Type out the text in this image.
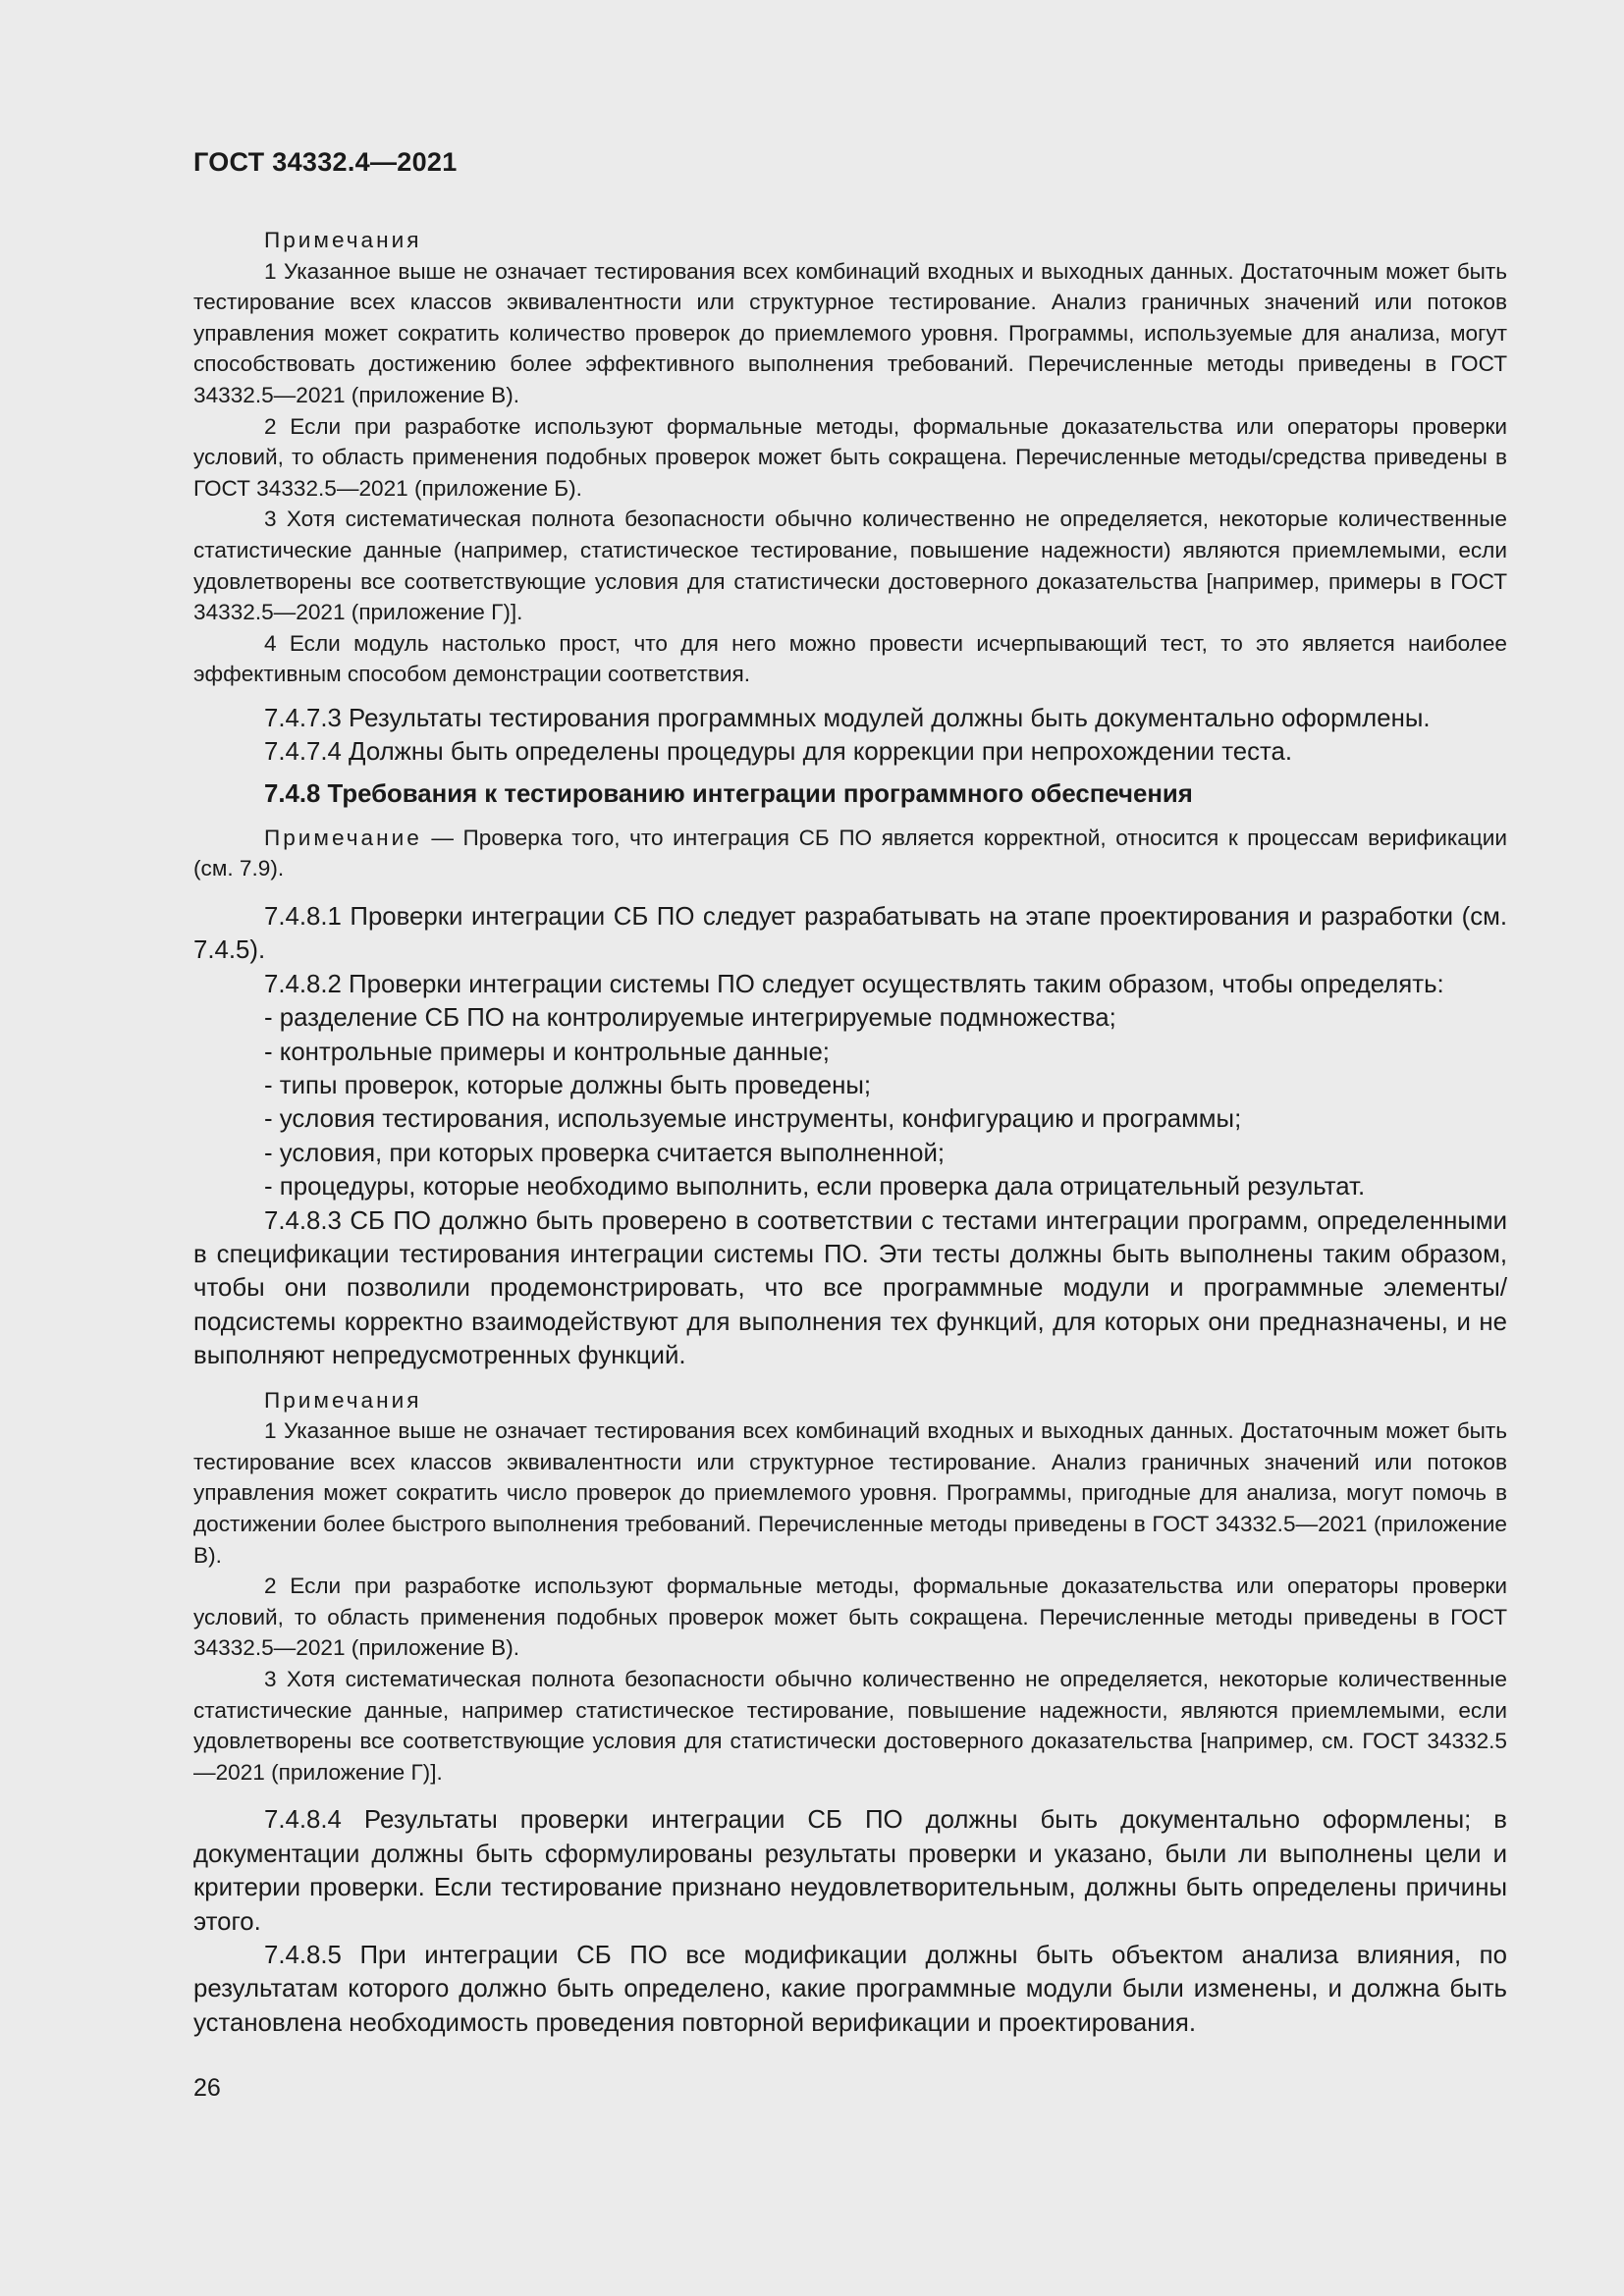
ГОСТ 34332.4—2021
Примечания
1 Указанное выше не означает тестирования всех комбинаций входных и выходных данных. Достаточным может быть тестирование всех классов эквивалентности или структурное тестирование. Анализ граничных значений или потоков управления может сократить количество проверок до приемлемого уровня. Программы, используемые для анализа, могут способствовать достижению более эффективного выполнения требований. Перечисленные методы приведены в ГОСТ 34332.5—2021 (приложение В).
2 Если при разработке используют формальные методы, формальные доказательства или операторы проверки условий, то область применения подобных проверок может быть сокращена. Перечисленные методы/средства приведены в ГОСТ 34332.5—2021 (приложение Б).
3 Хотя систематическая полнота безопасности обычно количественно не определяется, некоторые количественные статистические данные (например, статистическое тестирование, повышение надежности) являются приемлемыми, если удовлетворены все соответствующие условия для статистически достоверного доказательства [например, примеры в ГОСТ 34332.5—2021 (приложение Г)].
4 Если модуль настолько прост, что для него можно провести исчерпывающий тест, то это является наиболее эффективным способом демонстрации соответствия.
7.4.7.3 Результаты тестирования программных модулей должны быть документально оформлены.
7.4.7.4 Должны быть определены процедуры для коррекции при непрохождении теста.
7.4.8 Требования к тестированию интеграции программного обеспечения
Примечание — Проверка того, что интеграция СБ ПО является корректной, относится к процессам верификации (см. 7.9).
7.4.8.1 Проверки интеграции СБ ПО следует разрабатывать на этапе проектирования и разработки (см. 7.4.5).
7.4.8.2 Проверки интеграции системы ПО следует осуществлять таким образом, чтобы определять:
- разделение СБ ПО на контролируемые интегрируемые подмножества;
- контрольные примеры и контрольные данные;
- типы проверок, которые должны быть проведены;
- условия тестирования, используемые инструменты, конфигурацию и программы;
- условия, при которых проверка считается выполненной;
- процедуры, которые необходимо выполнить, если проверка дала отрицательный результат.
7.4.8.3 СБ ПО должно быть проверено в соответствии с тестами интеграции программ, определенными в спецификации тестирования интеграции системы ПО. Эти тесты должны быть выполнены таким образом, чтобы они позволили продемонстрировать, что все программные модули и программные элементы/подсистемы корректно взаимодействуют для выполнения тех функций, для которых они предназначены, и не выполняют непредусмотренных функций.
Примечания
1 Указанное выше не означает тестирования всех комбинаций входных и выходных данных. Достаточным может быть тестирование всех классов эквивалентности или структурное тестирование. Анализ граничных значений или потоков управления может сократить число проверок до приемлемого уровня. Программы, пригодные для анализа, могут помочь в достижении более быстрого выполнения требований. Перечисленные методы приведены в ГОСТ 34332.5—2021 (приложение В).
2 Если при разработке используют формальные методы, формальные доказательства или операторы проверки условий, то область применения подобных проверок может быть сокращена. Перечисленные методы приведены в ГОСТ 34332.5—2021 (приложение В).
3 Хотя систематическая полнота безопасности обычно количественно не определяется, некоторые количественные статистические данные, например статистическое тестирование, повышение надежности, являются приемлемыми, если удовлетворены все соответствующие условия для статистически достоверного доказательства [например, см. ГОСТ 34332.5—2021 (приложение Г)].
7.4.8.4 Результаты проверки интеграции СБ ПО должны быть документально оформлены; в документации должны быть сформулированы результаты проверки и указано, были ли выполнены цели и критерии проверки. Если тестирование признано неудовлетворительным, должны быть определены причины этого.
7.4.8.5 При интеграции СБ ПО все модификации должны быть объектом анализа влияния, по результатам которого должно быть определено, какие программные модули были изменены, и должна быть установлена необходимость проведения повторной верификации и проектирования.
26
